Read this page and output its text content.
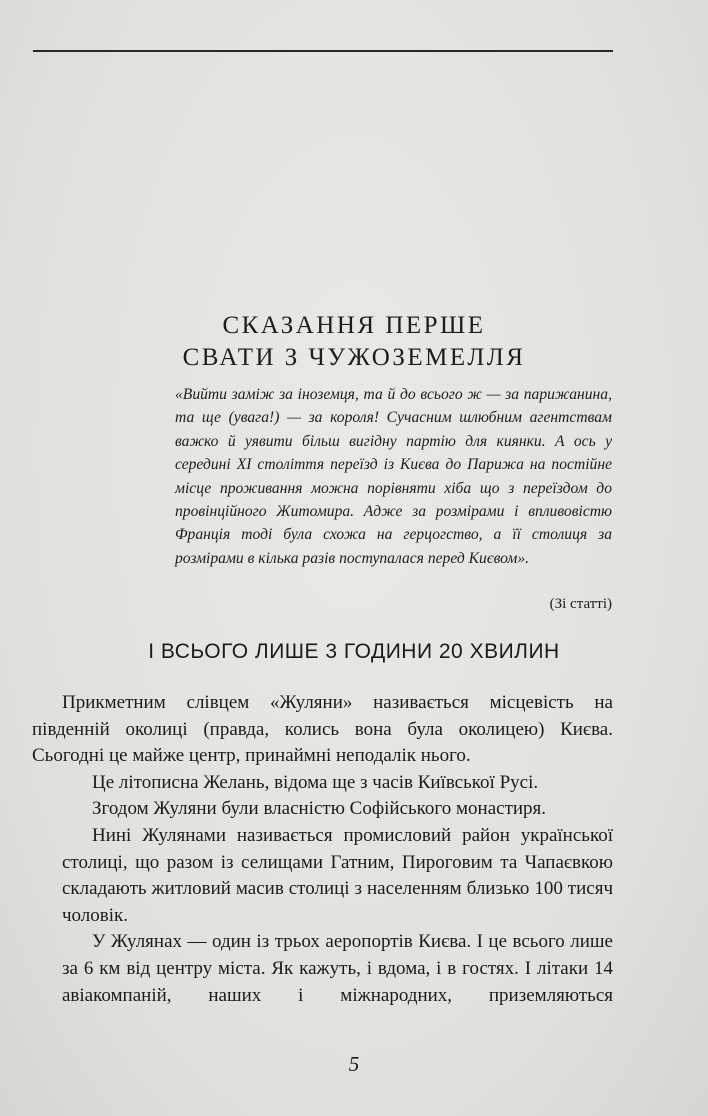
СКАЗАННЯ ПЕРШЕ
СВАТИ З ЧУЖОЗЕМЕЛЛЯ

«Вийти заміж за іноземця, та й до всього ж — за парижанина, та ще (увага!) — за короля! Сучасним шлюбним агентствам важко й уявити більш вигідну партію для киянки. А ось у середині XI століття переїзд із Києва до Парижа на постійне місце проживання можна порівняти хіба що з переїздом до провінційного Житомира. Адже за розмірами і впливовістю Франція тоді була схожа на герцогство, а її столиця за розмірами в кілька разів поступалася перед Києвом».

(Зі статті)
І ВСЬОГО ЛИШЕ 3 ГОДИНИ 20 ХВИЛИН

Прикметним слівцем «Жуляни» називається місцевість на південній околиці (правда, колись вона була околицею) Києва. Сьогодні це майже центр, принаймні неподалік нього.

Це літописна Желань, відома ще з часів Київської Русі.

Згодом Жуляни були власністю Софійського монастиря.

Нині Жулянами називається промисловий район української столиці, що разом із селищами Гатним, Пироговим та Чапаєвкою складають житловий масив столиці з населенням близько 100 тисяч чоловік.

У Жулянах — один із трьох аеропортів Києва. І це всього лише за 6 км від центру міста. Як кажуть, і вдома, і в гостях. І літаки 14 авіакомпаній, наших і міжнародних, приземляються

5
